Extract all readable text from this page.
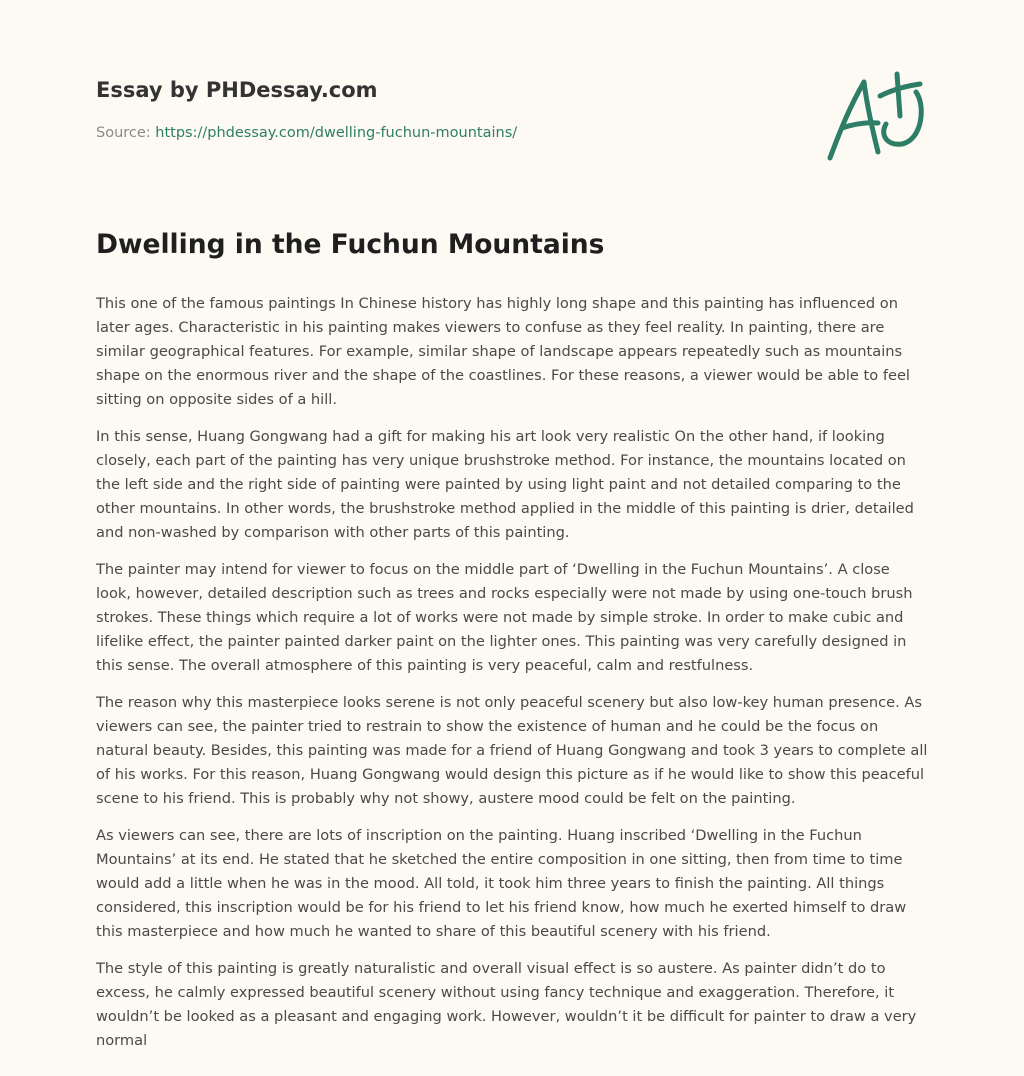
Essay by PHDessay.com
Source: https://phdessay.com/dwelling-fuchun-mountains/
Dwelling in the Fuchun Mountains

This one of the famous paintings In Chinese history has highly long shape and this painting has influenced on later ages. Characteristic in his painting makes viewers to confuse as they feel reality. In painting, there are similar geographical features. For example, similar shape of landscape appears repeatedly such as mountains shape on the enormous river and the shape of the coastlines. For these reasons, a viewer would be able to feel sitting on opposite sides of a hill.

In this sense, Huang Gongwang had a gift for making his art look very realistic On the other hand, if looking closely, each part of the painting has very unique brushstroke method. For instance, the mountains located on the left side and the right side of painting were painted by using light paint and not detailed comparing to the other mountains. In other words, the brushstroke method applied in the middle of this painting is drier, detailed and non-washed by comparison with other parts of this painting.

The painter may intend for viewer to focus on the middle part of ‘Dwelling in the Fuchun Mountains’. A close look, however, detailed description such as trees and rocks especially were not made by using one-touch brush strokes. These things which require a lot of works were not made by simple stroke. In order to make cubic and lifelike effect, the painter painted darker paint on the lighter ones. This painting was very carefully designed in this sense. The overall atmosphere of this painting is very peaceful, calm and restfulness.

The reason why this masterpiece looks serene is not only peaceful scenery but also low-key human presence. As viewers can see, the painter tried to restrain to show the existence of human and he could be the focus on natural beauty. Besides, this painting was made for a friend of Huang Gongwang and took 3 years to complete all of his works. For this reason, Huang Gongwang would design this picture as if he would like to show this peaceful scene to his friend. This is probably why not showy, austere mood could be felt on the painting.

As viewers can see, there are lots of inscription on the painting. Huang inscribed ‘Dwelling in the Fuchun Mountains’ at its end. He stated that he sketched the entire composition in one sitting, then from time to time would add a little when he was in the mood. All told, it took him three years to finish the painting. All things considered, this inscription would be for his friend to let his friend know, how much he exerted himself to draw this masterpiece and how much he wanted to share of this beautiful scenery with his friend.

The style of this painting is greatly naturalistic and overall visual effect is so austere. As painter didn’t do to excess, he calmly expressed beautiful scenery without using fancy technique and exaggeration. Therefore, it wouldn’t be looked as a pleasant and engaging work. However, wouldn’t it be difficult for painter to draw a very normal
